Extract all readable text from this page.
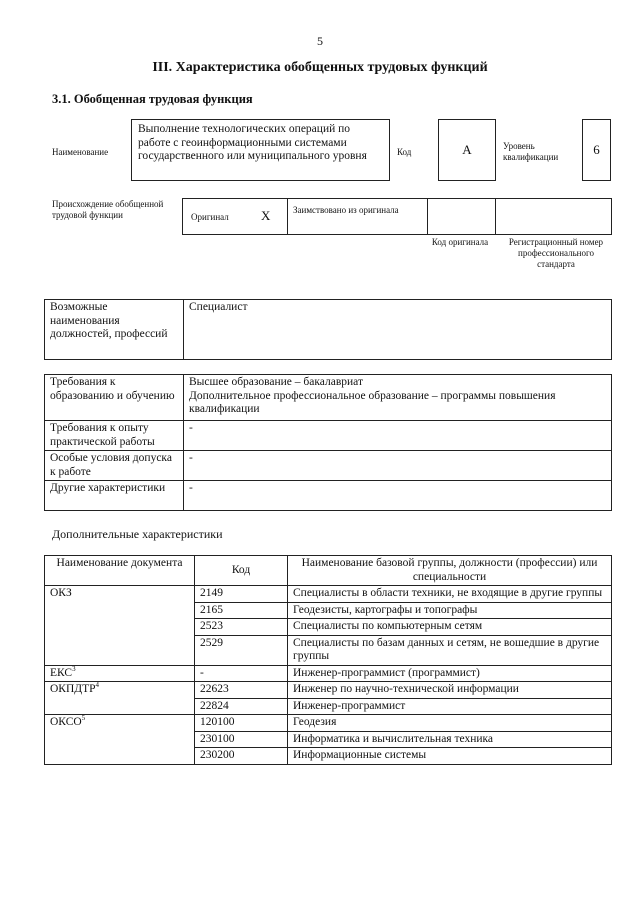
5
III. Характеристика обобщенных трудовых функций
3.1. Обобщенная трудовая функция
Наименование
Выполнение технологических операций по работе с геоинформационными системами государственного или муниципального уровня	Код	A	Уровень квалификации	6
Происхождение обобщенной трудовой функции	Оригинал X	Заимствовано из оригинала
Код оригинала	Регистрационный номер профессионального стандарта
Возможные наименования должностей, профессий	Специалист
Требования к образованию и обучению	Высшее образование – бакалавриат
Дополнительное профессиональное образование – программы повышения квалификации

Требования к опыту практической работы	-
Особые условия допуска к работе	-
Другие характеристики	-
Дополнительные характеристики
Наименование документа	Код	Наименование базовой группы, должности (профессии) или специальности
ОКЗ	2149	Специалисты в области техники, не входящие в другие группы
	2165	Геодезисты, картографы и топографы
	2523	Специалисты по компьютерным сетям
	2529	Специалисты по базам данных и сетям, не вошедшие в другие группы
ЕКС$^3$	-	Инженер-программист (программист)
ОКПДТР$^4$	22623	Инженер по научно-технической информации
	22824	Инженер-программист
ОКСО$^5$	120100	Геодезия
	230100	Информатика и вычислительная техника
	230200	Информационные системы
